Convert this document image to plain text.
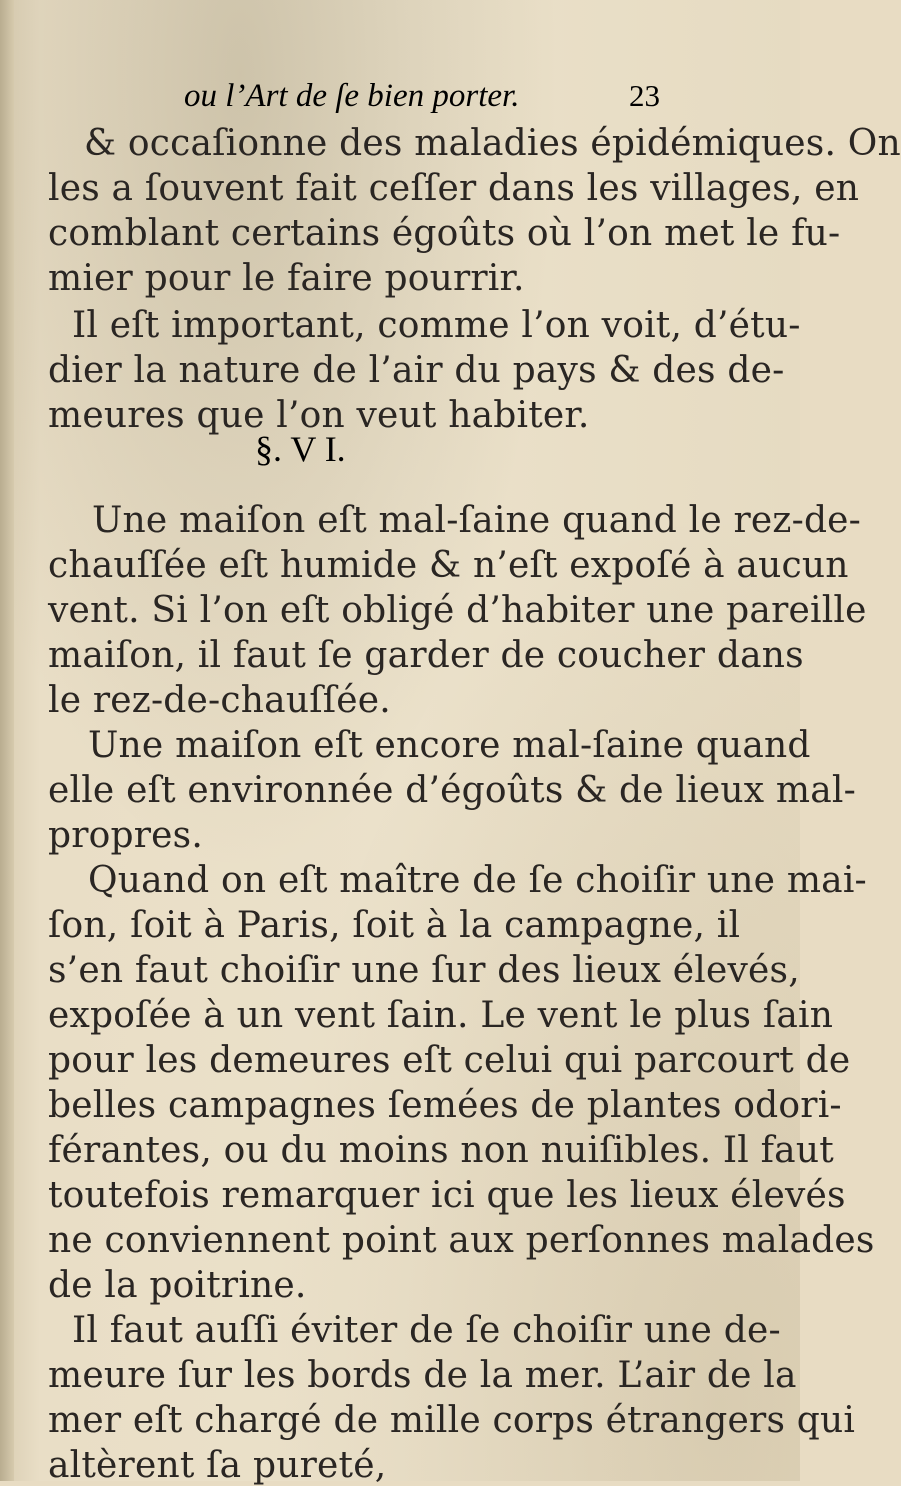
ou l’Art de ſe bien porter.	23
& occaſionne des maladies épidémiques. On
les a ſouvent fait ceſſer dans les villages, en
comblant certains égoûts où l’on met le fu-
mier pour le faire pourrir.
Il eſt important, comme l’on voit, d’étu-
dier la nature de l’air du pays & des de-
meures que l’on veut habiter.
Une maiſon eſt mal-ſaine quand le rez-de-
chauſſée eſt humide & n’eſt expoſé à aucun
vent. Si l’on eſt obligé d’habiter une pareille
maiſon, il faut ſe garder de coucher dans
le rez-de-chauſſée.
Une maiſon eſt encore mal-ſaine quand
elle eſt environnée d’égoûts & de lieux mal-
propres.
Quand on eſt maître de ſe choiſir une mai-
ſon, ſoit à Paris, ſoit à la campagne, il
s’en faut choiſir une ſur des lieux élevés,
expoſée à un vent ſain. Le vent le plus ſain
pour les demeures eſt celui qui parcourt de
belles campagnes ſemées de plantes odori-
férantes, ou du moins non nuiſibles. Il faut
toutefois remarquer ici que les lieux élevés
ne conviennent point aux perſonnes malades
de la poitrine.
Il faut auſſi éviter de ſe choiſir une de-
meure ſur les bords de la mer. L’air de la
mer eſt chargé de mille corps étrangers qui
altèrent ſa pureté,
§. V I.
